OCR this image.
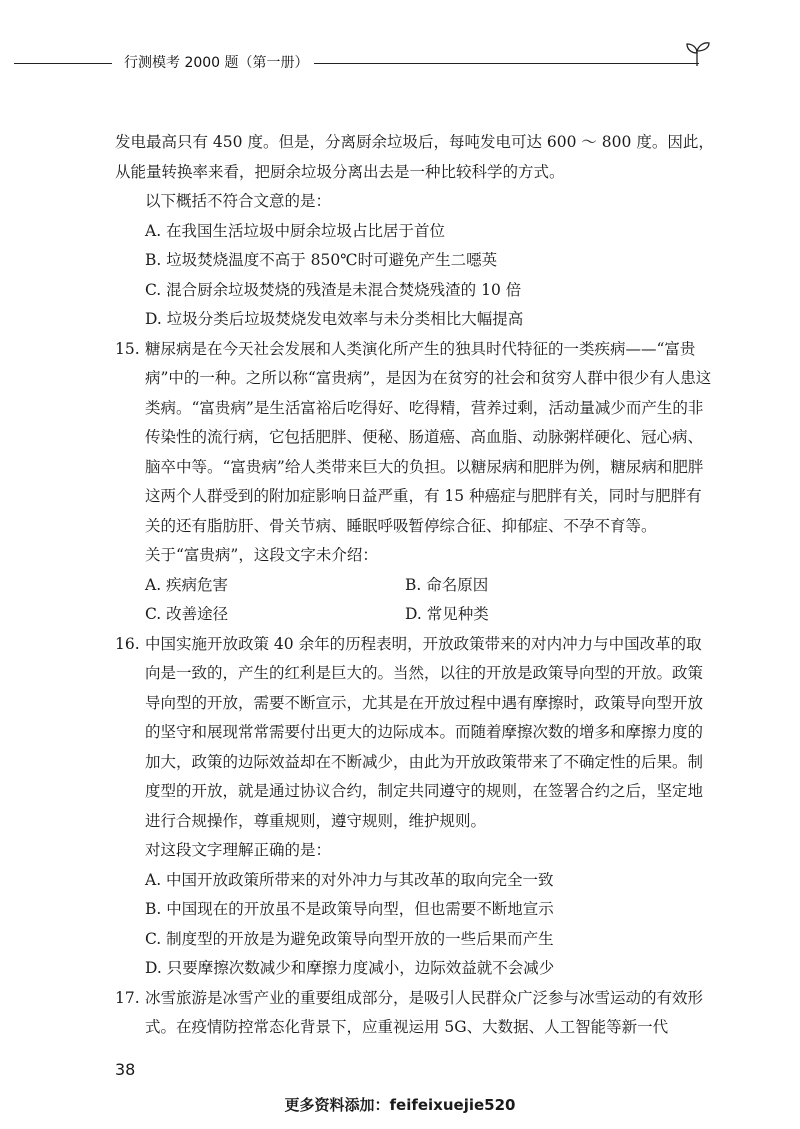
行测模考 2000 题（第一册）

发电最高只有 450 度。但是，分离厨余垃圾后，每吨发电可达 600 ～ 800 度。因此，从能量转换率来看，把厨余垃圾分离出去是一种比较科学的方式。

以下概括不符合文意的是：

A. 在我国生活垃圾中厨余垃圾占比居于首位

B. 垃圾焚烧温度不高于 850℃时可避免产生二噁英

C. 混合厨余垃圾焚烧的残渣是未混合焚烧残渣的 10 倍

D. 垃圾分类后垃圾焚烧发电效率与未分类相比大幅提高

15. 糖尿病是在今天社会发展和人类演化所产生的独具时代特征的一类疾病——“富贵病”中的一种。之所以称“富贵病”，是因为在贫穷的社会和贫穷人群中很少有人患这类病。“富贵病”是生活富裕后吃得好、吃得精，营养过剩，活动量减少而产生的非传染性的流行病，它包括肥胖、便秘、肠道癌、高血脂、动脉粥样硬化、冠心病、脑卒中等。“富贵病”给人类带来巨大的负担。以糖尿病和肥胖为例，糖尿病和肥胖这两个人群受到的附加症影响日益严重，有 15 种癌症与肥胖有关，同时与肥胖有关的还有脂肪肝、骨关节病、睡眠呼吸暂停综合征、抑郁症、不孕不育等。

关于“富贵病”，这段文字未介绍：

A. 疾病危害	B. 命名原因
C. 改善途径	D. 常见种类
16. 中国实施开放政策 40 余年的历程表明，开放政策带来的对内冲力与中国改革的取向是一致的，产生的红利是巨大的。当然，以往的开放是政策导向型的开放。政策导向型的开放，需要不断宣示，尤其是在开放过程中遇有摩擦时，政策导向型开放的坚守和展现常常需要付出更大的边际成本。而随着摩擦次数的增多和摩擦力度的加大，政策的边际效益却在不断减少，由此为开放政策带来了不确定性的后果。制度型的开放，就是通过协议合约，制定共同遵守的规则，在签署合约之后，坚定地进行合规操作，尊重规则，遵守规则，维护规则。

对这段文字理解正确的是：

A. 中国开放政策所带来的对外冲力与其改革的取向完全一致

B. 中国现在的开放虽不是政策导向型，但也需要不断地宣示

C. 制度型的开放是为避免政策导向型开放的一些后果而产生

D. 只要摩擦次数减少和摩擦力度减小，边际效益就不会减少

17. 冰雪旅游是冰雪产业的重要组成部分，是吸引人民群众广泛参与冰雪运动的有效形式。在疫情防控常态化背景下，应重视运用 5G、大数据、人工智能等新一代

38
更多资料添加：feifeixuejie520
